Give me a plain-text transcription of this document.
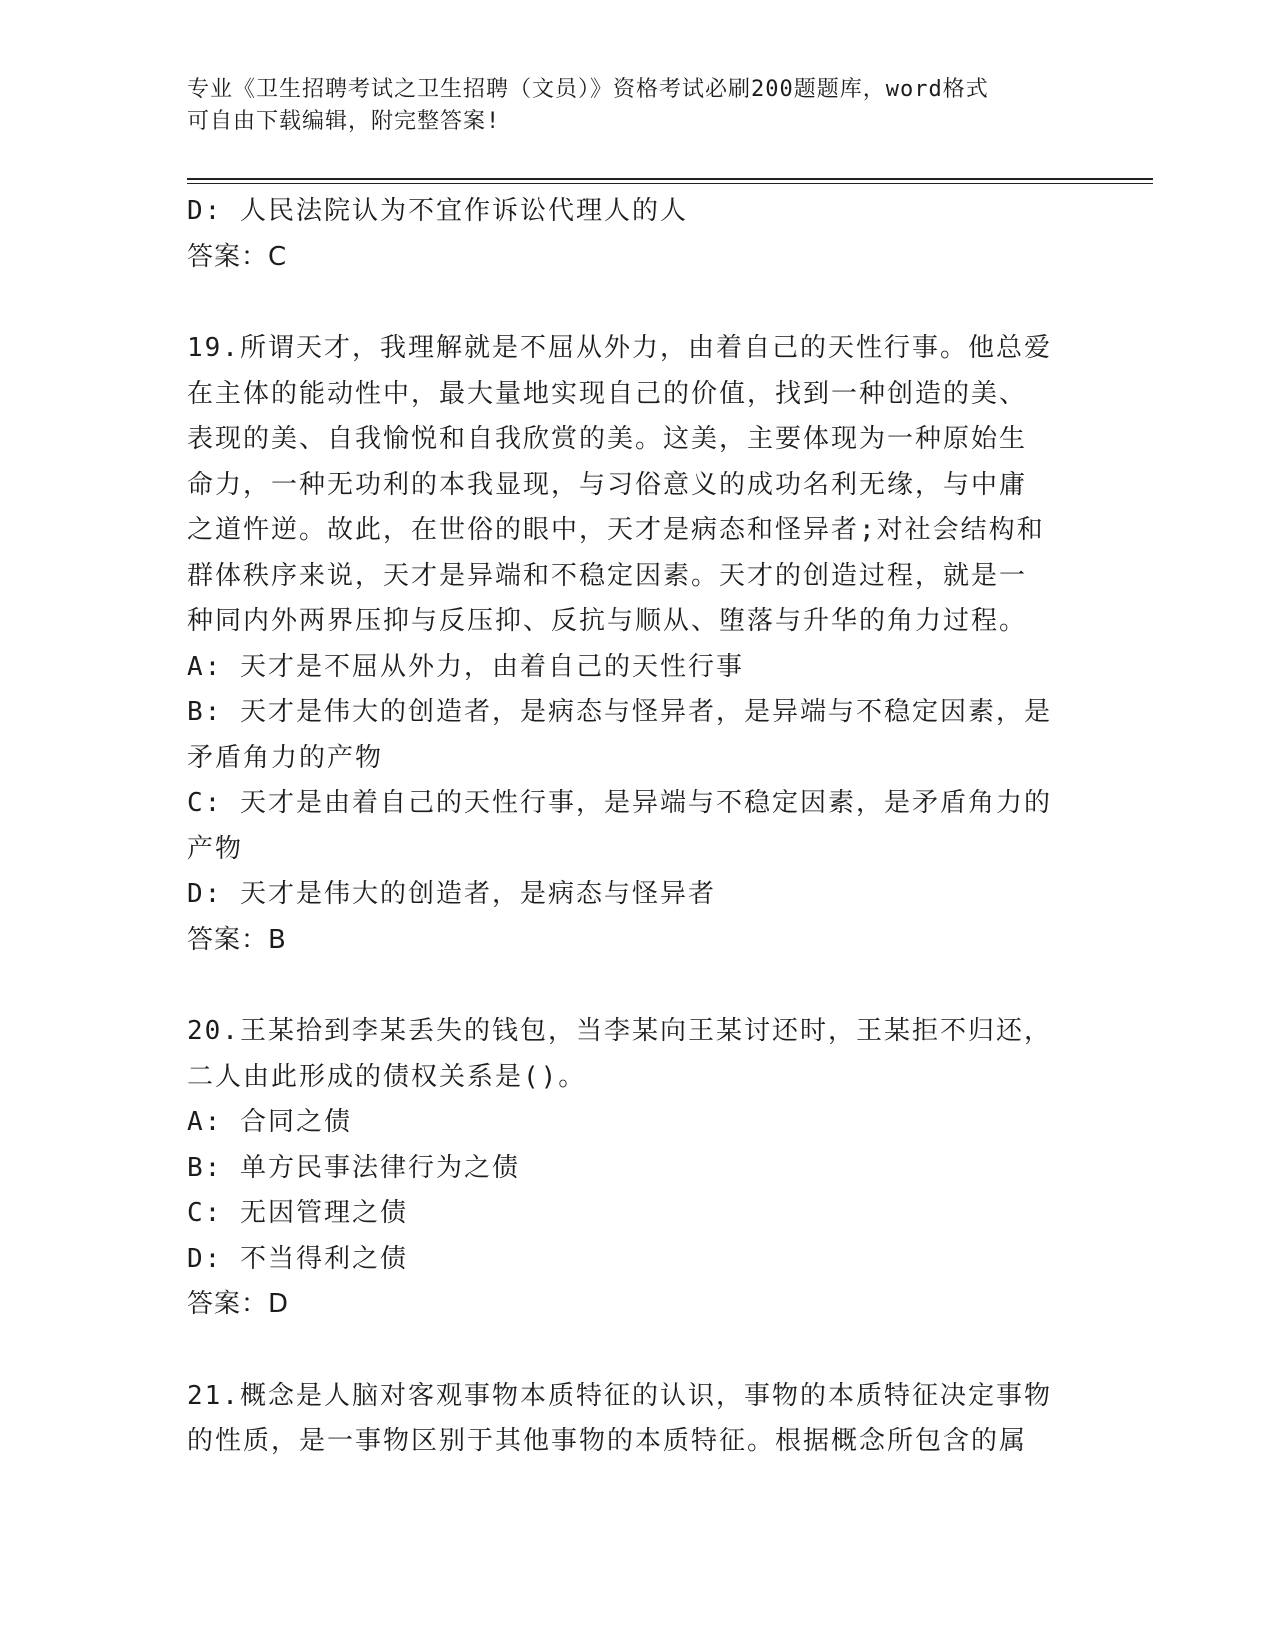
专业《卫生招聘考试之卫生招聘（文员）》资格考试必刷200题题库，word格式
可自由下载编辑，附完整答案!

D: 人民法院认为不宜作诉讼代理人的人

答案：C

19.所谓天才，我理解就是不屈从外力，由着自己的天性行事。他总爱

在主体的能动性中，最大量地实现自己的价值，找到一种创造的美、

表现的美、自我愉悦和自我欣赏的美。这美，主要体现为一种原始生

命力，一种无功利的本我显现，与习俗意义的成功名利无缘，与中庸

之道忤逆。故此，在世俗的眼中，天才是病态和怪异者;对社会结构和

群体秩序来说，天才是异端和不稳定因素。天才的创造过程，就是一

种同内外两界压抑与反压抑、反抗与顺从、堕落与升华的角力过程。

A: 天才是不屈从外力，由着自己的天性行事

B: 天才是伟大的创造者，是病态与怪异者，是异端与不稳定因素，是

矛盾角力的产物

C: 天才是由着自己的天性行事，是异端与不稳定因素，是矛盾角力的

产物

D: 天才是伟大的创造者，是病态与怪异者

答案：B

20.王某拾到李某丢失的钱包，当李某向王某讨还时，王某拒不归还，

二人由此形成的债权关系是()。

A: 合同之债

B: 单方民事法律行为之债

C: 无因管理之债

D: 不当得利之债

答案：D

21.概念是人脑对客观事物本质特征的认识，事物的本质特征决定事物

的性质，是一事物区别于其他事物的本质特征。根据概念所包含的属
